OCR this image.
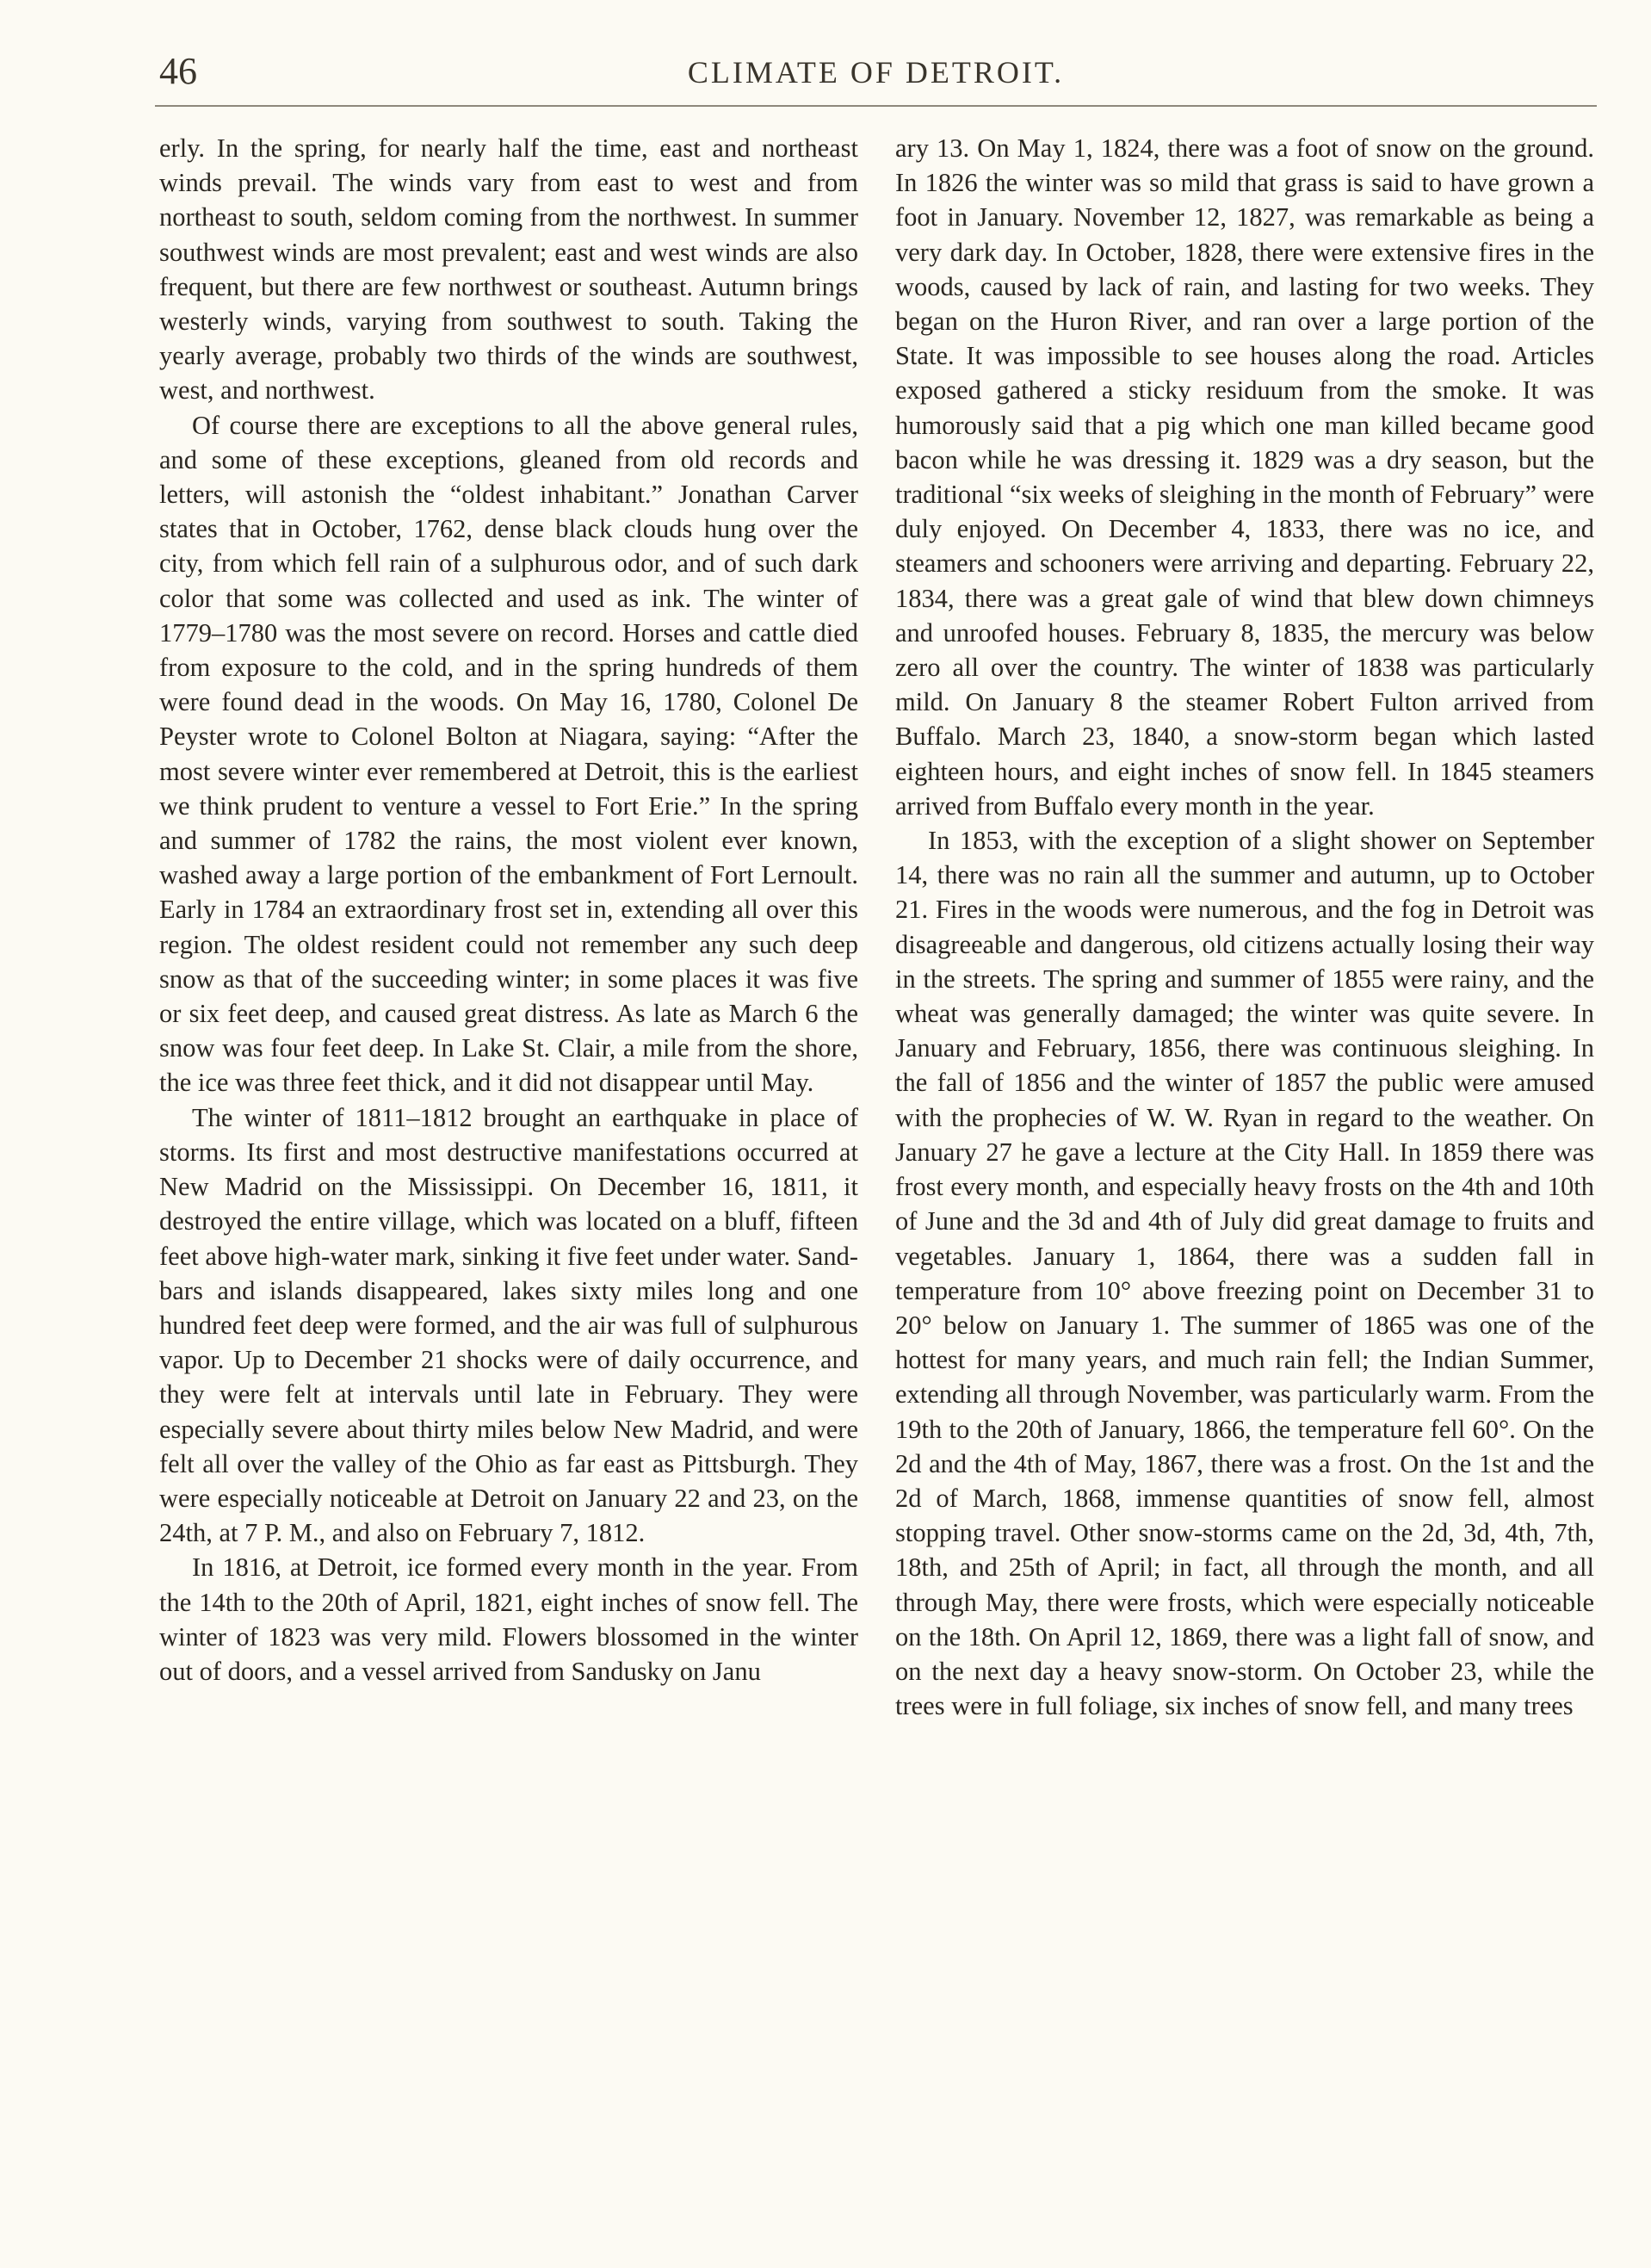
46	CLIMATE OF DETROIT.

erly. In the spring, for nearly half the time, east and northeast winds prevail. The winds vary from east to west and from northeast to south, seldom coming from the northwest. In summer southwest winds are most prevalent; east and west winds are also frequent, but there are few northwest or southeast. Autumn brings westerly winds, varying from southwest to south. Taking the yearly average, probably two thirds of the winds are southwest, west, and northwest.

Of course there are exceptions to all the above general rules, and some of these exceptions, gleaned from old records and letters, will astonish the “oldest inhabitant.” Jonathan Carver states that in October, 1762, dense black clouds hung over the city, from which fell rain of a sulphurous odor, and of such dark color that some was collected and used as ink. The winter of 1779–1780 was the most severe on record. Horses and cattle died from exposure to the cold, and in the spring hundreds of them were found dead in the woods. On May 16, 1780, Colonel De Peyster wrote to Colonel Bolton at Niagara, saying: “After the most severe winter ever remembered at Detroit, this is the earliest we think prudent to venture a vessel to Fort Erie.” In the spring and summer of 1782 the rains, the most violent ever known, washed away a large portion of the embankment of Fort Lernoult. Early in 1784 an extraordinary frost set in, extending all over this region. The oldest resident could not remember any such deep snow as that of the succeeding winter; in some places it was five or six feet deep, and caused great distress. As late as March 6 the snow was four feet deep. In Lake St. Clair, a mile from the shore, the ice was three feet thick, and it did not disappear until May.

The winter of 1811–1812 brought an earthquake in place of storms. Its first and most destructive manifestations occurred at New Madrid on the Mississippi. On December 16, 1811, it destroyed the entire village, which was located on a bluff, fifteen feet above high-water mark, sinking it five feet under water. Sand-bars and islands disappeared, lakes sixty miles long and one hundred feet deep were formed, and the air was full of sulphurous vapor. Up to December 21 shocks were of daily occurrence, and they were felt at intervals until late in February. They were especially severe about thirty miles below New Madrid, and were felt all over the valley of the Ohio as far east as Pittsburgh. They were especially noticeable at Detroit on January 22 and 23, on the 24th, at 7 P. M., and also on February 7, 1812.

In 1816, at Detroit, ice formed every month in the year. From the 14th to the 20th of April, 1821, eight inches of snow fell. The winter of 1823 was very mild. Flowers blossomed in the winter out of doors, and a vessel arrived from Sandusky on Janu

ary 13. On May 1, 1824, there was a foot of snow on the ground. In 1826 the winter was so mild that grass is said to have grown a foot in January. November 12, 1827, was remarkable as being a very dark day. In October, 1828, there were extensive fires in the woods, caused by lack of rain, and lasting for two weeks. They began on the Huron River, and ran over a large portion of the State. It was impossible to see houses along the road. Articles exposed gathered a sticky residuum from the smoke. It was humorously said that a pig which one man killed became good bacon while he was dressing it. 1829 was a dry season, but the traditional “six weeks of sleighing in the month of February” were duly enjoyed. On December 4, 1833, there was no ice, and steamers and schooners were arriving and departing. February 22, 1834, there was a great gale of wind that blew down chimneys and unroofed houses. February 8, 1835, the mercury was below zero all over the country. The winter of 1838 was particularly mild. On January 8 the steamer Robert Fulton arrived from Buffalo. March 23, 1840, a snow-storm began which lasted eighteen hours, and eight inches of snow fell. In 1845 steamers arrived from Buffalo every month in the year.

In 1853, with the exception of a slight shower on September 14, there was no rain all the summer and autumn, up to October 21. Fires in the woods were numerous, and the fog in Detroit was disagreeable and dangerous, old citizens actually losing their way in the streets. The spring and summer of 1855 were rainy, and the wheat was generally damaged; the winter was quite severe. In January and February, 1856, there was continuous sleighing. In the fall of 1856 and the winter of 1857 the public were amused with the prophecies of W. W. Ryan in regard to the weather. On January 27 he gave a lecture at the City Hall. In 1859 there was frost every month, and especially heavy frosts on the 4th and 10th of June and the 3d and 4th of July did great damage to fruits and vegetables. January 1, 1864, there was a sudden fall in temperature from 10° above freezing point on December 31 to 20° below on January 1. The summer of 1865 was one of the hottest for many years, and much rain fell; the Indian Summer, extending all through November, was particularly warm. From the 19th to the 20th of January, 1866, the temperature fell 60°. On the 2d and the 4th of May, 1867, there was a frost. On the 1st and the 2d of March, 1868, immense quantities of snow fell, almost stopping travel. Other snow-storms came on the 2d, 3d, 4th, 7th, 18th, and 25th of April; in fact, all through the month, and all through May, there were frosts, which were especially noticeable on the 18th. On April 12, 1869, there was a light fall of snow, and on the next day a heavy snow-storm. On October 23, while the trees were in full foliage, six inches of snow fell, and many trees
